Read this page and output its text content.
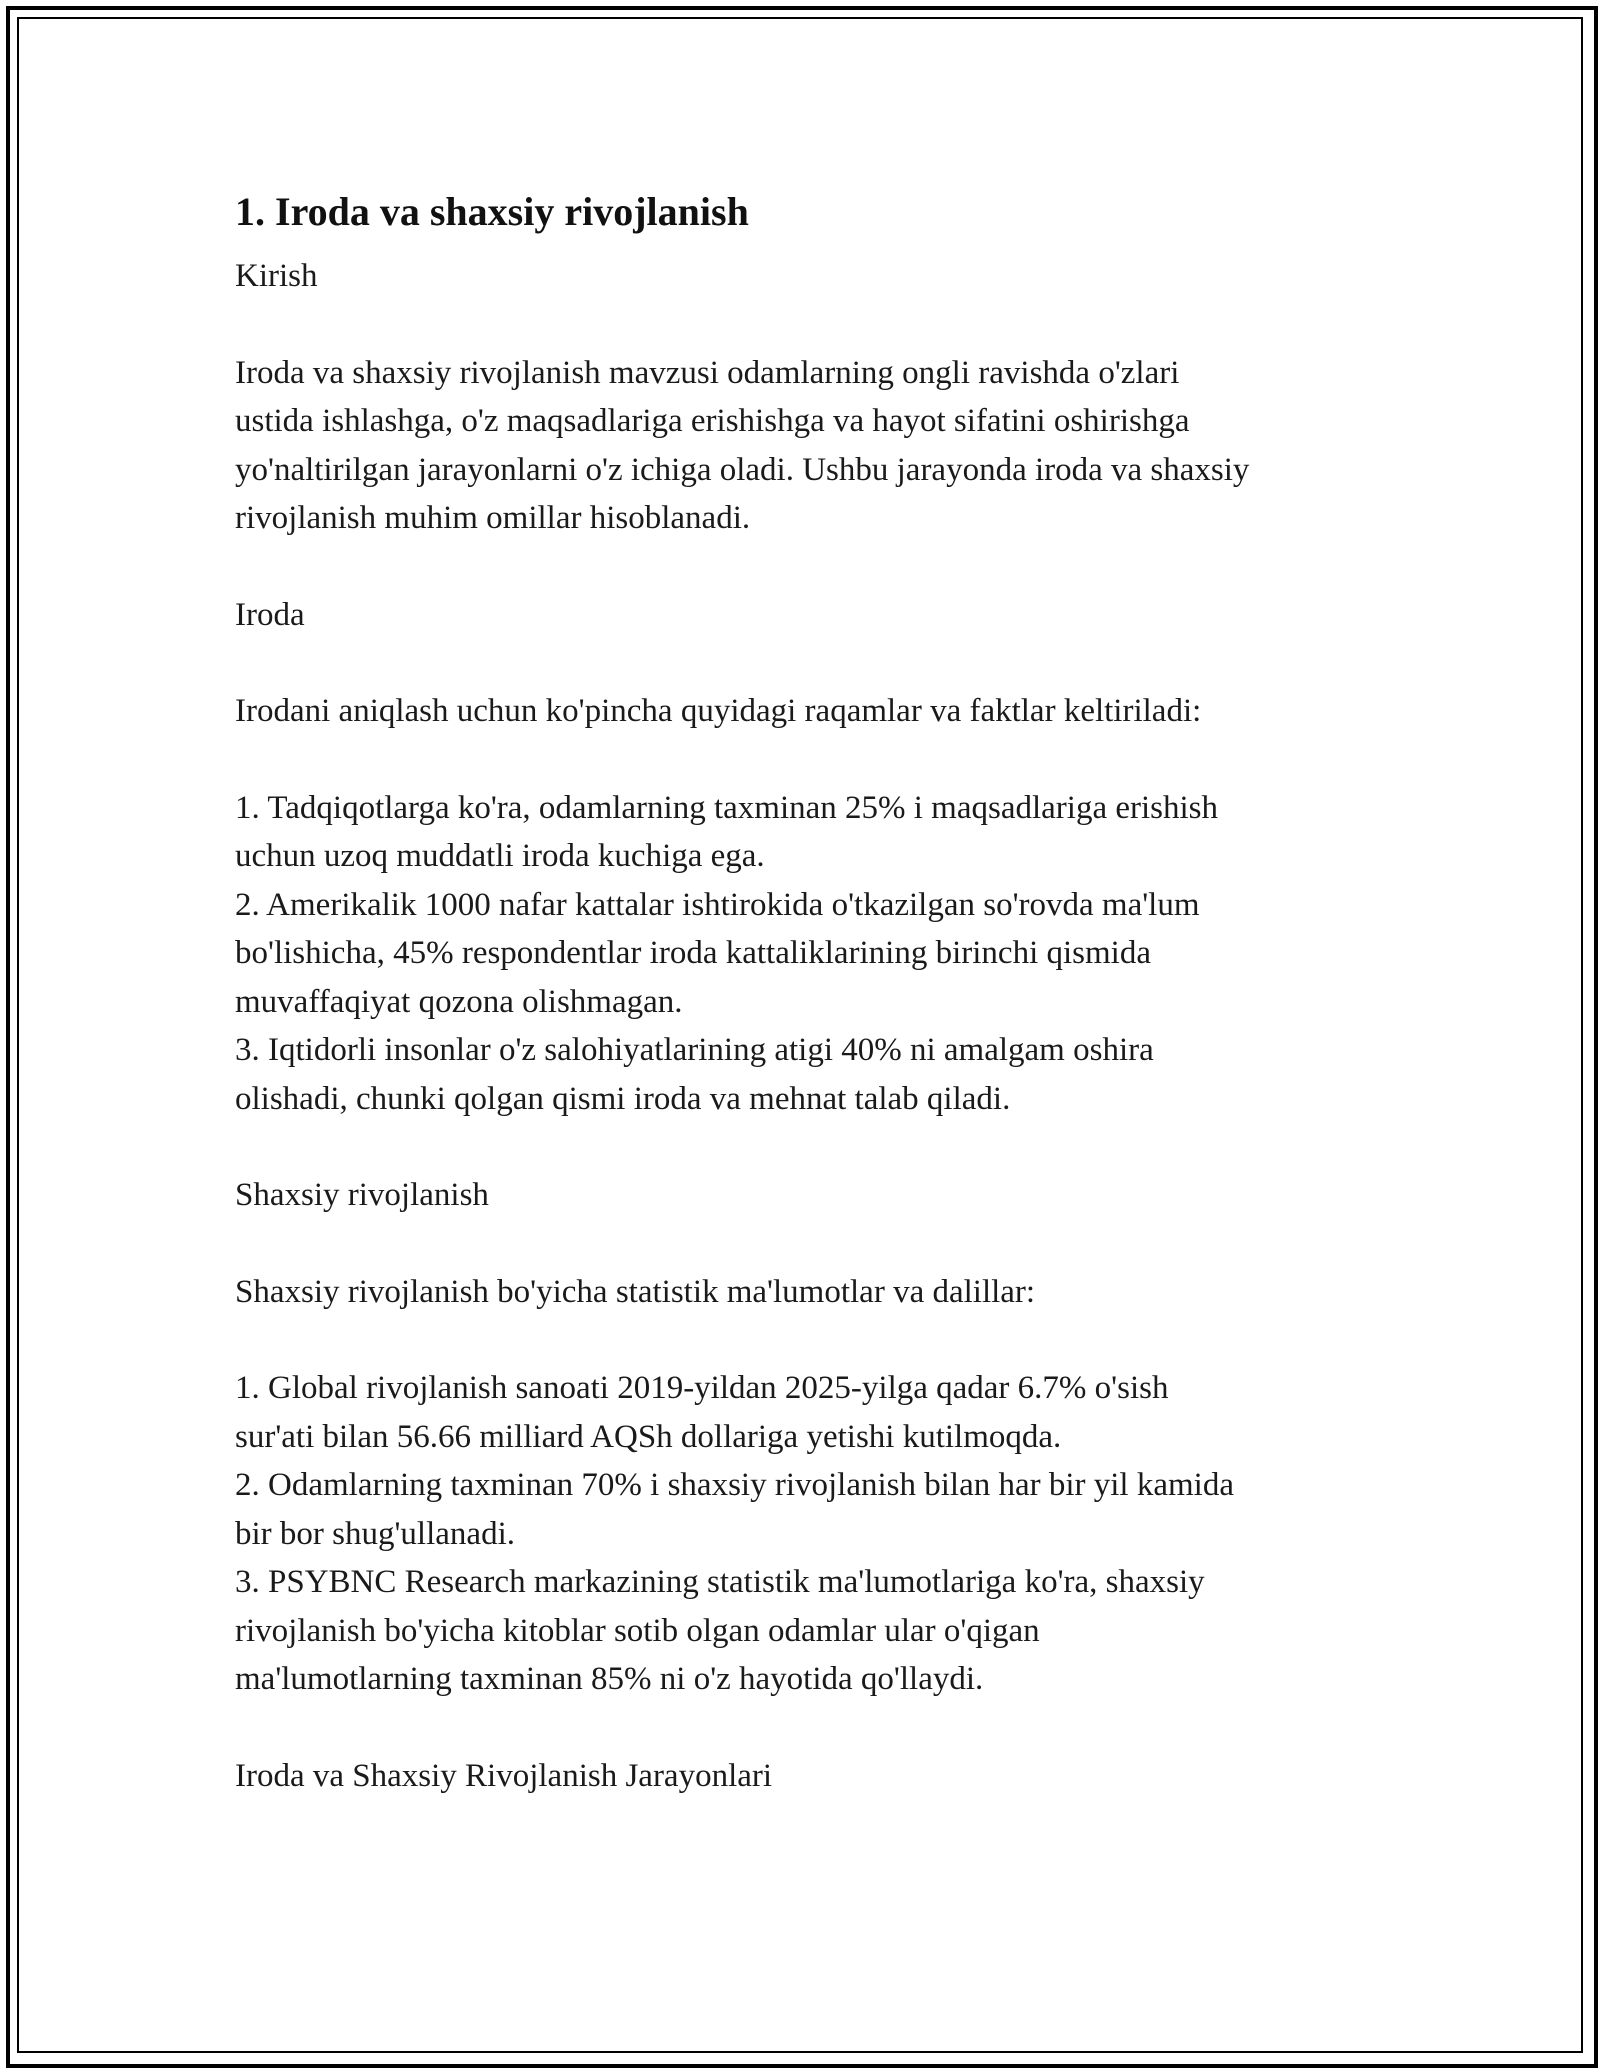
1. Iroda va shaxsiy rivojlanish

Kirish

Iroda va shaxsiy rivojlanish mavzusi odamlarning ongli ravishda o'zlari

ustida ishlashga, o'z maqsadlariga erishishga va hayot sifatini oshirishga

yo'naltirilgan jarayonlarni o'z ichiga oladi. Ushbu jarayonda iroda va shaxsiy

rivojlanish muhim omillar hisoblanadi.

Iroda

Irodani aniqlash uchun ko'pincha quyidagi raqamlar va faktlar keltiriladi:

1. Tadqiqotlarga ko'ra, odamlarning taxminan 25% i maqsadlariga erishish

uchun uzoq muddatli iroda kuchiga ega.

2. Amerikalik 1000 nafar kattalar ishtirokida o'tkazilgan so'rovda ma'lum

bo'lishicha, 45% respondentlar iroda kattaliklarining birinchi qismida

muvaffaqiyat qozona olishmagan.

3. Iqtidorli insonlar o'z salohiyatlarining atigi 40% ni amalgam oshira

olishadi, chunki qolgan qismi iroda va mehnat talab qiladi.

Shaxsiy rivojlanish

Shaxsiy rivojlanish bo'yicha statistik ma'lumotlar va dalillar:

1. Global rivojlanish sanoati 2019-yildan 2025-yilga qadar 6.7% o'sish

sur'ati bilan 56.66 milliard AQSh dollariga yetishi kutilmoqda.

2. Odamlarning taxminan 70% i shaxsiy rivojlanish bilan har bir yil kamida

bir bor shug'ullanadi.

3. PSYBNC Research markazining statistik ma'lumotlariga ko'ra, shaxsiy

rivojlanish bo'yicha kitoblar sotib olgan odamlar ular o'qigan

ma'lumotlarning taxminan 85% ni o'z hayotida qo'llaydi.

Iroda va Shaxsiy Rivojlanish Jarayonlari
